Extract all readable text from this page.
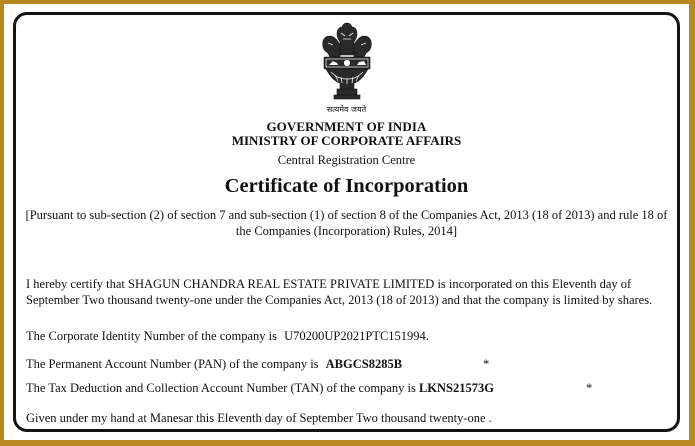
सत्यमेव जयते
GOVERNMENT OF INDIA
MINISTRY OF CORPORATE AFFAIRS
Central Registration Centre
Certificate of Incorporation
[Pursuant to sub-section (2) of section 7 and sub-section (1) of section 8 of the Companies Act, 2013 (18 of 2013) and rule 18 of the Companies (Incorporation) Rules, 2014]
I hereby certify that SHAGUN CHANDRA REAL ESTATE PRIVATE LIMITED is incorporated on this Eleventh day of September Two thousand twenty-one under the Companies Act, 2013 (18 of 2013) and that the company is limited by shares.
The Corporate Identity Number of the company is U70200UP2021PTC151994.
The Permanent Account Number (PAN) of the company is ABGCS8285B	*
The Tax Deduction and Collection Account Number (TAN) of the company is LKNS21573G	*
Given under my hand at Manesar this Eleventh day of September Two thousand twenty-one .
